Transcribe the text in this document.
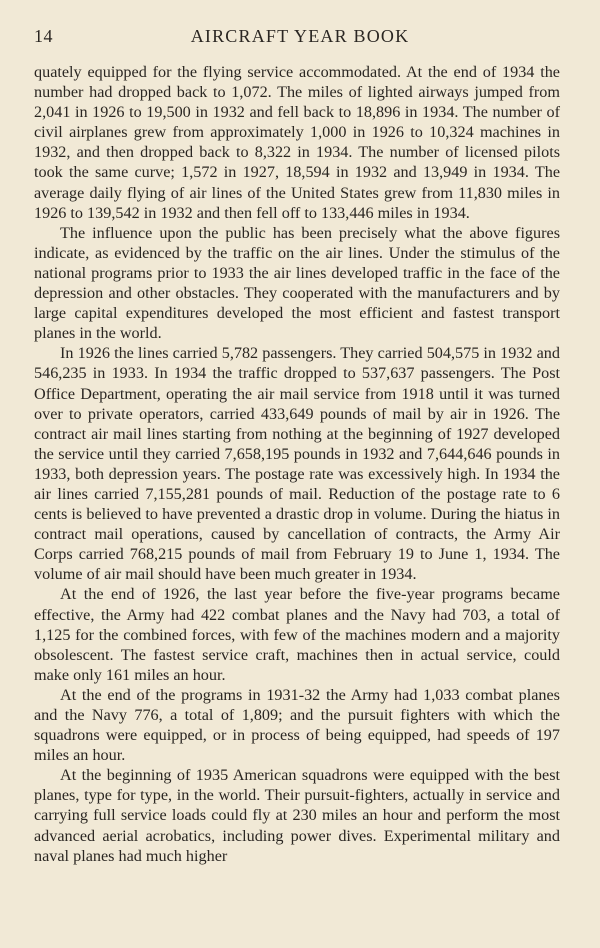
14	AIRCRAFT YEAR BOOK

quately equipped for the flying service accommodated. At the end of 1934 the number had dropped back to 1,072. The miles of lighted airways jumped from 2,041 in 1926 to 19,500 in 1932 and fell back to 18,896 in 1934. The number of civil airplanes grew from approximately 1,000 in 1926 to 10,324 machines in 1932, and then dropped back to 8,322 in 1934. The number of licensed pilots took the same curve; 1,572 in 1927, 18,594 in 1932 and 13,949 in 1934. The average daily flying of air lines of the United States grew from 11,830 miles in 1926 to 139,542 in 1932 and then fell off to 133,446 miles in 1934.

The influence upon the public has been precisely what the above figures indicate, as evidenced by the traffic on the air lines. Under the stimulus of the national programs prior to 1933 the air lines developed traffic in the face of the depression and other obstacles. They cooperated with the manufacturers and by large capital expenditures developed the most efficient and fastest transport planes in the world.

In 1926 the lines carried 5,782 passengers. They carried 504,575 in 1932 and 546,235 in 1933. In 1934 the traffic dropped to 537,637 passengers. The Post Office Department, operating the air mail service from 1918 until it was turned over to private operators, carried 433,649 pounds of mail by air in 1926. The contract air mail lines starting from nothing at the beginning of 1927 developed the service until they carried 7,658,195 pounds in 1932 and 7,644,646 pounds in 1933, both depression years. The postage rate was excessively high. In 1934 the air lines carried 7,155,281 pounds of mail. Reduction of the postage rate to 6 cents is believed to have prevented a drastic drop in volume. During the hiatus in contract mail operations, caused by cancellation of contracts, the Army Air Corps carried 768,215 pounds of mail from February 19 to June 1, 1934. The volume of air mail should have been much greater in 1934.

At the end of 1926, the last year before the five-year programs became effective, the Army had 422 combat planes and the Navy had 703, a total of 1,125 for the combined forces, with few of the machines modern and a majority obsolescent. The fastest service craft, machines then in actual service, could make only 161 miles an hour.

At the end of the programs in 1931-32 the Army had 1,033 combat planes and the Navy 776, a total of 1,809; and the pursuit fighters with which the squadrons were equipped, or in process of being equipped, had speeds of 197 miles an hour.

At the beginning of 1935 American squadrons were equipped with the best planes, type for type, in the world. Their pursuit-fighters, actually in service and carrying full service loads could fly at 230 miles an hour and perform the most advanced aerial acrobatics, including power dives. Experimental military and naval planes had much higher
